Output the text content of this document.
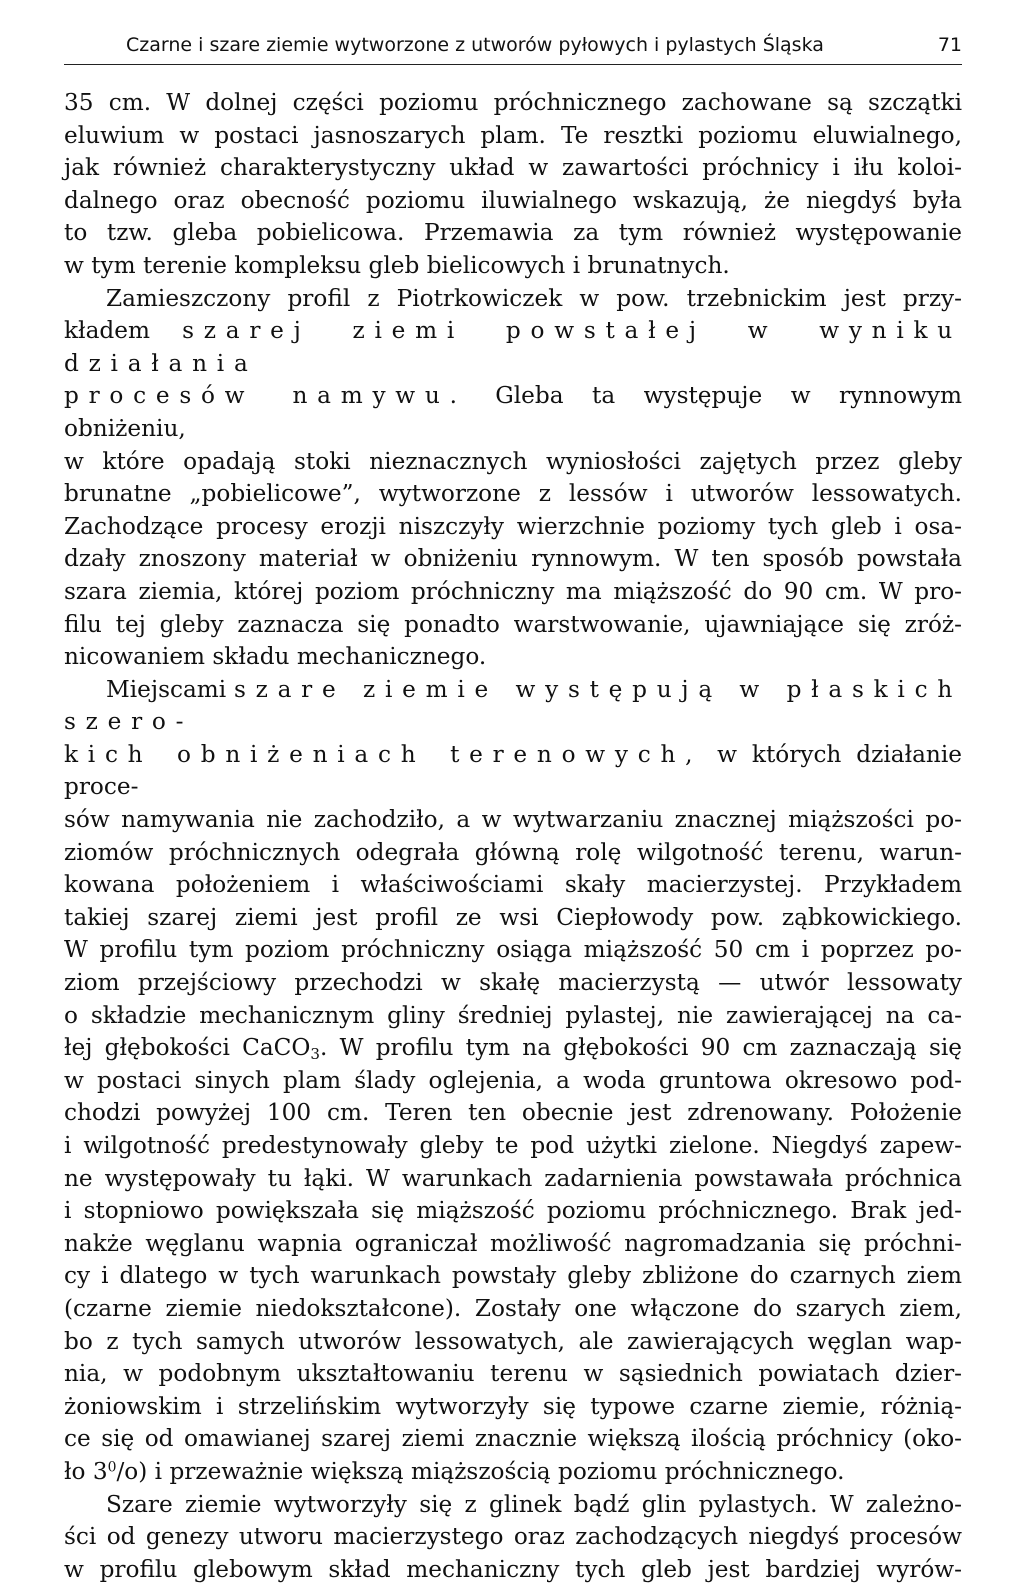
Czarne i szare ziemie wytworzone z utworów pyłowych i pylastych Śląska	71

35 cm. W dolnej części poziomu próchnicznego zachowane są szczątki
eluwium w postaci jasnoszarych plam. Te resztki poziomu eluwialnego,
jak również charakterystyczny układ w zawartości próchnicy i iłu koloi-
dalnego oraz obecność poziomu iluwialnego wskazują, że niegdyś była
to tzw. gleba pobielicowa. Przemawia za tym również występowanie
w tym terenie kompleksu gleb bielicowych i brunatnych.

Zamieszczony profil z Piotrkowiczek w pow. trzebnickim jest przy-
kładem szarej ziemi powstałej w wyniku działania
procesów namywu. Gleba ta występuje w rynnowym obniżeniu,
w które opadają stoki nieznacznych wyniosłości zajętych przez gleby
brunatne „pobielicowe”, wytworzone z lessów i utworów lessowatych.
Zachodzące procesy erozji niszczyły wierzchnie poziomy tych gleb i osa-
dzały znoszony materiał w obniżeniu rynnowym. W ten sposób powstała
szara ziemia, której poziom próchniczny ma miąższość do 90 cm. W pro-
filu tej gleby zaznacza się ponadto warstwowanie, ujawniające się zróż-
nicowaniem składu mechanicznego.

Miejscami szare ziemie występują w płaskich szero-
kich obniżeniach terenowych, w których działanie proce-
sów namywania nie zachodziło, a w wytwarzaniu znacznej miąższości po-
ziomów próchnicznych odegrała główną rolę wilgotność terenu, warun-
kowana położeniem i właściwościami skały macierzystej. Przykładem
takiej szarej ziemi jest profil ze wsi Ciepłowody pow. ząbkowickiego.
W profilu tym poziom próchniczny osiąga miąższość 50 cm i poprzez po-
ziom przejściowy przechodzi w skałę macierzystą — utwór lessowaty
o składzie mechanicznym gliny średniej pylastej, nie zawierającej na ca-
łej głębokości CaCO$_3$. W profilu tym na głębokości 90 cm zaznaczają się
w postaci sinych plam ślady oglejenia, a woda gruntowa okresowo pod-
chodzi powyżej 100 cm. Teren ten obecnie jest zdrenowany. Położenie
i wilgotność predestynowały gleby te pod użytki zielone. Niegdyś zapew-
ne występowały tu łąki. W warunkach zadarnienia powstawała próchnica
i stopniowo powiększała się miąższość poziomu próchnicznego. Brak jed-
nakże węglanu wapnia ograniczał możliwość nagromadzania się próchni-
cy i dlatego w tych warunkach powstały gleby zbliżone do czarnych ziem
(czarne ziemie niedokształcone). Zostały one włączone do szarych ziem,
bo z tych samych utworów lessowatych, ale zawierających węglan wap-
nia, w podobnym ukształtowaniu terenu w sąsiednich powiatach dzier-
żoniowskim i strzelińskim wytworzyły się typowe czarne ziemie, różnią-
ce się od omawianej szarej ziemi znacznie większą ilością próchnicy (oko-
ło $3^0/o$) i przeważnie większą miąższością poziomu próchnicznego.

Szare ziemie wytworzyły się z glinek bądź glin pylastych. W zależno-
ści od genezy utworu macierzystego oraz zachodzących niegdyś procesów
w profilu glebowym skład mechaniczny tych gleb jest bardziej wyrów-
